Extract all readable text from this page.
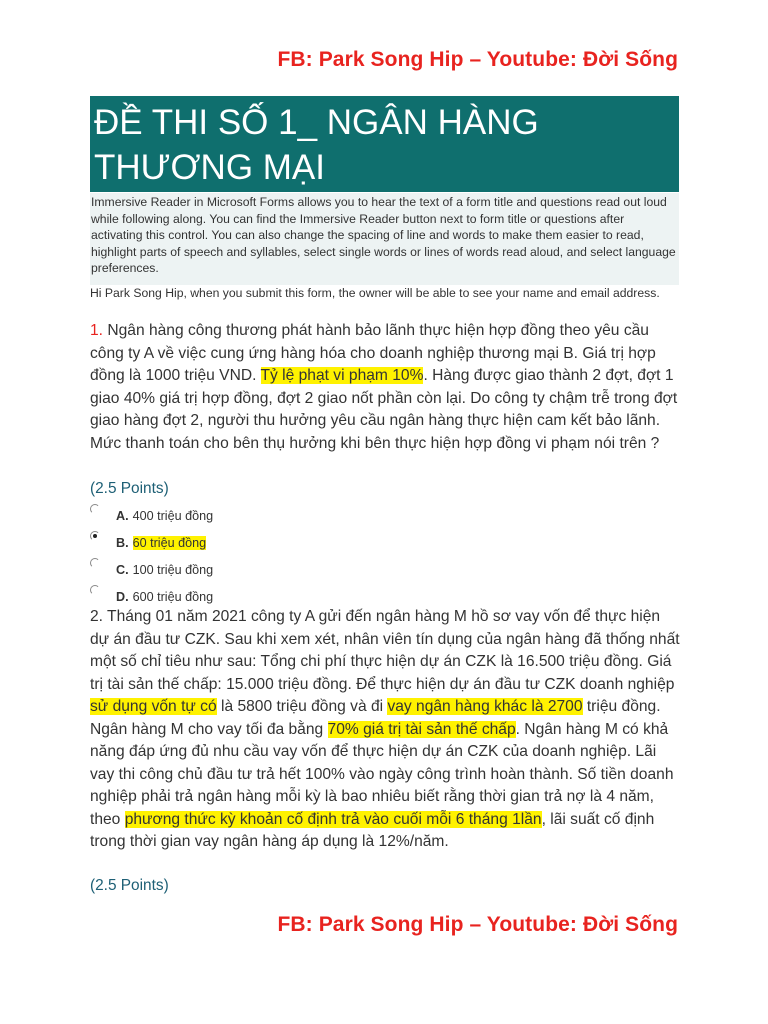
FB: Park Song Hip – Youtube: Đời Sống
ĐỀ THI SỐ 1_ NGÂN HÀNG THƯƠNG MẠI
Immersive Reader in Microsoft Forms allows you to hear the text of a form title and questions read out loud while following along. You can find the Immersive Reader button next to form title or questions after activating this control. You can also change the spacing of line and words to make them easier to read, highlight parts of speech and syllables, select single words or lines of words read aloud, and select language preferences.
Hi Park Song Hip, when you submit this form, the owner will be able to see your name and email address.
1. Ngân hàng công thương phát hành bảo lãnh thực hiện hợp đồng theo yêu cầu công ty A về việc cung ứng hàng hóa cho doanh nghiệp thương mại B. Giá trị hợp đồng là 1000 triệu VND. Tỷ lệ phạt vi phạm 10%. Hàng được giao thành 2 đợt, đợt 1 giao 40% giá trị hợp đồng, đợt 2 giao nốt phần còn lại. Do công ty chậm trễ trong đợt giao hàng đợt 2, người thu hưởng yêu cầu ngân hàng thực hiện cam kết bảo lãnh. Mức thanh toán cho bên thụ hưởng khi bên thực hiện hợp đồng vi phạm nói trên ?
(2.5 Points)
A. 400 triệu đồng
B. 60 triệu đồng
C. 100 triệu đồng
D. 600 triệu đồng
2. Tháng 01 năm 2021 công ty A gửi đến ngân hàng M hồ sơ vay vốn để thực hiện dự án đầu tư CZK. Sau khi xem xét, nhân viên tín dụng của ngân hàng đã thống nhất một số chỉ tiêu như sau: Tổng chi phí thực hiện dự án CZK là 16.500 triệu đồng. Giá trị tài sản thế chấp: 15.000 triệu đồng. Để thực hiện dự án đầu tư CZK doanh nghiệp sử dụng vốn tự có là 5800 triệu đồng và đi vay ngân hàng khác là 2700 triệu đồng. Ngân hàng M cho vay tối đa bằng 70% giá trị tài sản thế chấp. Ngân hàng M có khả năng đáp ứng đủ nhu cầu vay vốn để thực hiện dự án CZK của doanh nghiệp. Lãi vay thi công chủ đầu tư trả hết 100% vào ngày công trình hoàn thành. Số tiền doanh nghiệp phải trả ngân hàng mỗi kỳ là bao nhiêu biết rằng thời gian trả nợ là 4 năm, theo phương thức kỳ khoản cố định trả vào cuối mỗi 6 tháng 1lần, lãi suất cố định trong thời gian vay ngân hàng áp dụng là 12%/năm.
(2.5 Points)
FB: Park Song Hip – Youtube: Đời Sống
